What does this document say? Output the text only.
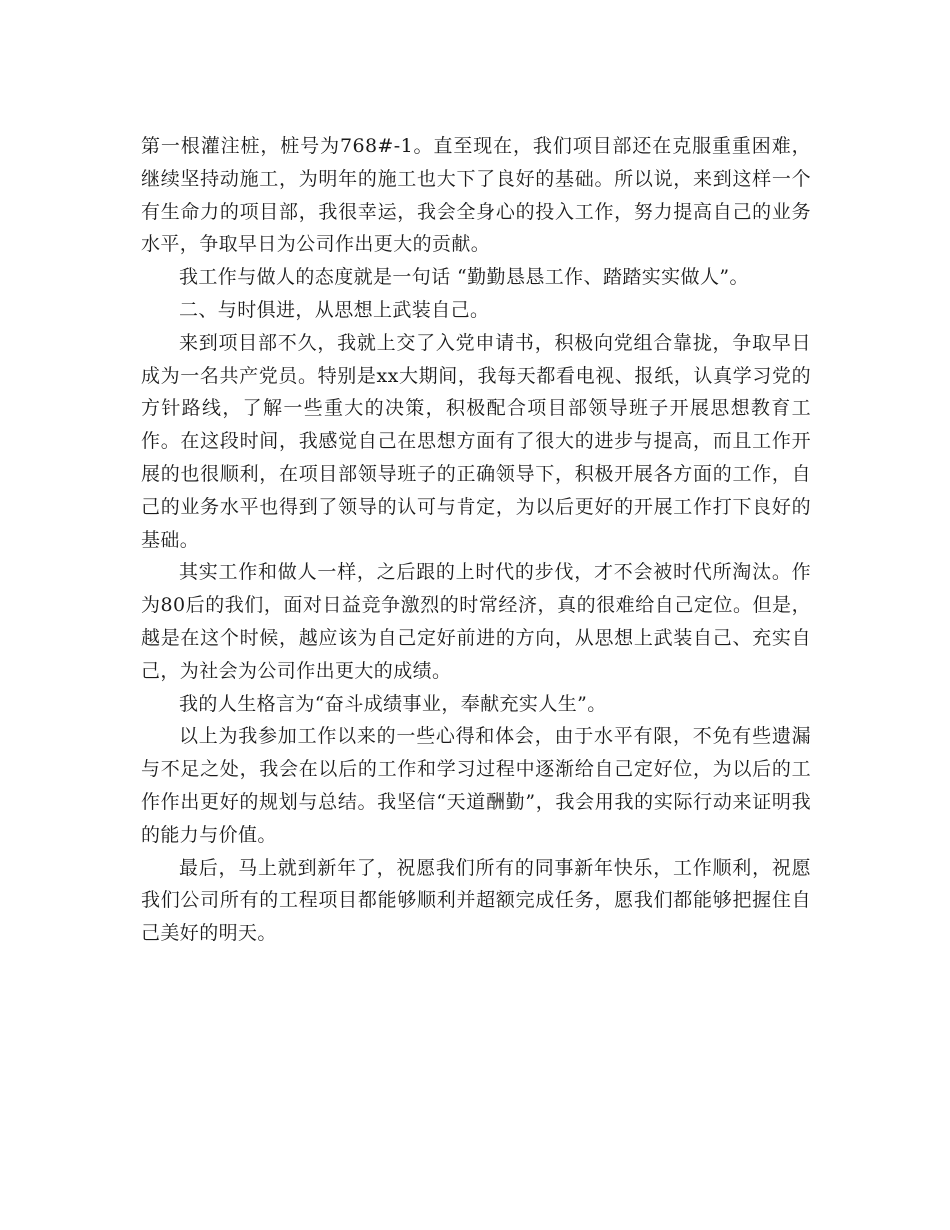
第一根灌注桩，桩号为768#-1。直至现在，我们项目部还在克服重重困难，继续坚持动施工，为明年的施工也大下了良好的基础。所以说，来到这样一个有生命力的项目部，我很幸运，我会全身心的投入工作，努力提高自己的业务水平，争取早日为公司作出更大的贡献。

我工作与做人的态度就是一句话 “勤勤恳恳工作、踏踏实实做人”。

二、与时俱进，从思想上武装自己。

来到项目部不久，我就上交了入党申请书，积极向党组合靠拢，争取早日成为一名共产党员。特别是xx大期间，我每天都看电视、报纸，认真学习党的方针路线，了解一些重大的决策，积极配合项目部领导班子开展思想教育工作。在这段时间，我感觉自己在思想方面有了很大的进步与提高，而且工作开展的也很顺利，在项目部领导班子的正确领导下，积极开展各方面的工作，自己的业务水平也得到了领导的认可与肯定，为以后更好的开展工作打下良好的基础。

其实工作和做人一样，之后跟的上时代的步伐，才不会被时代所淘汰。作为80后的我们，面对日益竞争激烈的时常经济，真的很难给自己定位。但是，越是在这个时候，越应该为自己定好前进的方向，从思想上武装自己、充实自己，为社会为公司作出更大的成绩。

我的人生格言为“奋斗成绩事业，奉献充实人生”。

以上为我参加工作以来的一些心得和体会，由于水平有限，不免有些遗漏与不足之处，我会在以后的工作和学习过程中逐渐给自己定好位，为以后的工作作出更好的规划与总结。我坚信“天道酬勤”，我会用我的实际行动来证明我的能力与价值。

最后，马上就到新年了，祝愿我们所有的同事新年快乐，工作顺利，祝愿我们公司所有的工程项目都能够顺利并超额完成任务，愿我们都能够把握住自己美好的明天。
